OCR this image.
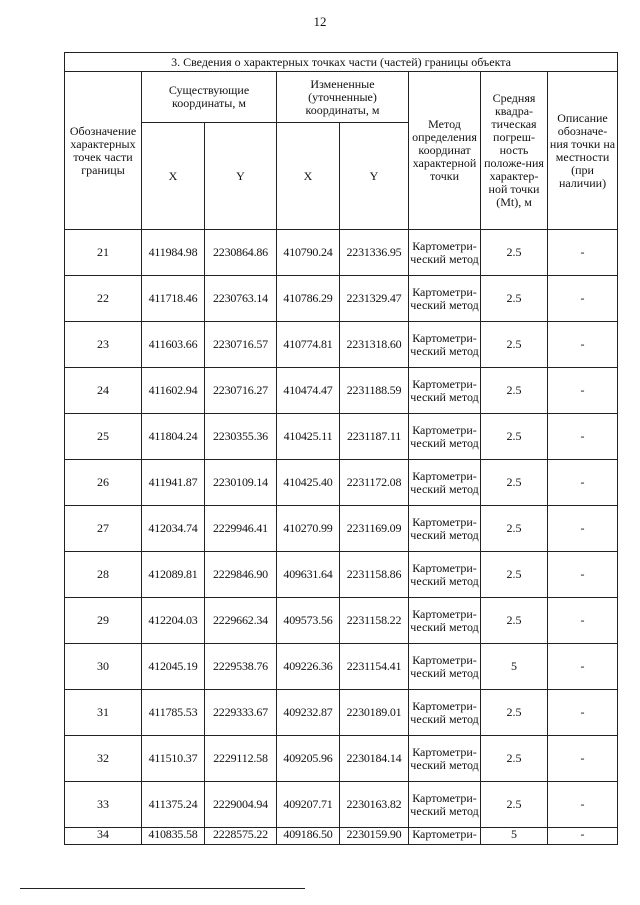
12
3. Сведения о характерных точках части (частей) границы объекта							
Обозначение характерных точек части границы	Существующие координаты, м		Измененные (уточненные) координаты, м		Метод определения координат характерной точки	Средняя квадра-тическая погреш-ность положе-ния характер-ной точки (Mt), м	Описание обозначе-ния точки на местности (при наличии)
	X	Y	X	Y			
21	411984.98	2230864.86	410790.24	2231336.95	Картометри-ческий метод	2.5	-
22	411718.46	2230763.14	410786.29	2231329.47	Картометри-ческий метод	2.5	-
23	411603.66	2230716.57	410774.81	2231318.60	Картометри-ческий метод	2.5	-
24	411602.94	2230716.27	410474.47	2231188.59	Картометри-ческий метод	2.5	-
25	411804.24	2230355.36	410425.11	2231187.11	Картометри-ческий метод	2.5	-
26	411941.87	2230109.14	410425.40	2231172.08	Картометри-ческий метод	2.5	-
27	412034.74	2229946.41	410270.99	2231169.09	Картометри-ческий метод	2.5	-
28	412089.81	2229846.90	409631.64	2231158.86	Картометри-ческий метод	2.5	-
29	412204.03	2229662.34	409573.56	2231158.22	Картометри-ческий метод	2.5	-
30	412045.19	2229538.76	409226.36	2231154.41	Картометри-ческий метод	5	-
31	411785.53	2229333.67	409232.87	2230189.01	Картометри-ческий метод	2.5	-
32	411510.37	2229112.58	409205.96	2230184.14	Картометри-ческий метод	2.5	-
33	411375.24	2229004.94	409207.71	2230163.82	Картометри-ческий метод	2.5	-
34	410835.58	2228575.22	409186.50	2230159.90	Картометри-	5	-
